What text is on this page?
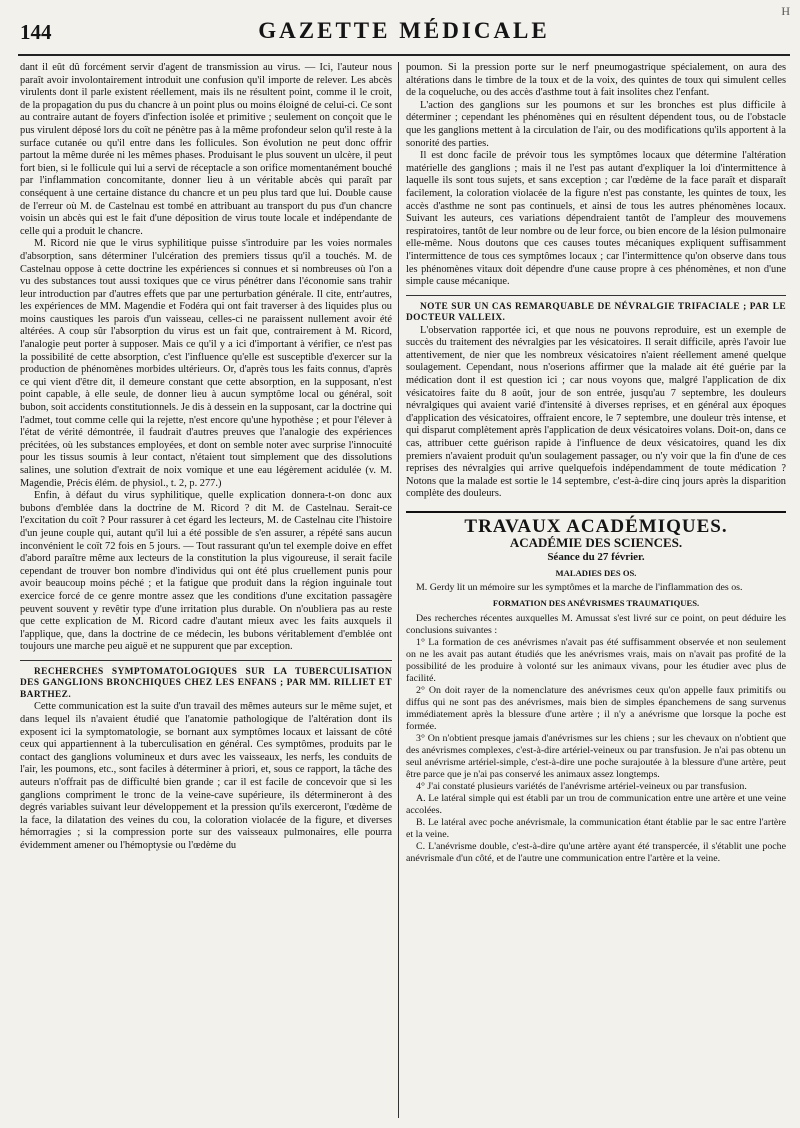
144	GAZETTE MÉDICALE
H

dant il eût dû forcément servir d'agent de transmission au virus. — Ici, l'auteur nous paraît avoir involontairement introduit une confusion qu'il importe de relever. Les abcès virulents dont il parle existent réellement, mais ils ne résultent point, comme il le croit, de la propagation du pus du chancre à un point plus ou moins éloigné de celui-ci. Ce sont au contraire autant de foyers d'infection isolée et primitive ; seulement on conçoit que le pus virulent déposé lors du coït ne pénètre pas à la même profondeur selon qu'il reste à la surface cutanée ou qu'il entre dans les follicules. Son évolution ne peut donc offrir partout la même durée ni les mêmes phases. Produisant le plus souvent un ulcère, il peut fort bien, si le follicule qui lui a servi de réceptacle a son orifice momentanément bouché par l'inflammation concomitante, donner lieu à un véritable abcès qui paraît par conséquent à une certaine distance du chancre et un peu plus tard que lui. Double cause de l'erreur où M. de Castelnau est tombé en attribuant au transport du pus d'un chancre voisin un abcès qui est le fait d'une déposition de virus toute locale et indépendante de celle qui a produit le chancre.

M. Ricord nie que le virus syphilitique puisse s'introduire par les voies normales d'absorption, sans déterminer l'ulcération des premiers tissus qu'il a touchés. M. de Castelnau oppose à cette doctrine les expériences si connues et si nombreuses où l'on a vu des substances tout aussi toxiques que ce virus pénétrer dans l'économie sans trahir leur introduction par d'autres effets que par une perturbation générale. Il cite, entr'autres, les expériences de MM. Magendie et Fodéra qui ont fait traverser à des liquides plus ou moins caustiques les parois d'un vaisseau, celles-ci ne paraissent nullement avoir été altérées. A coup sûr l'absorption du virus est un fait que, contrairement à M. Ricord, l'analogie peut porter à supposer. Mais ce qu'il y a ici d'important à vérifier, ce n'est pas la possibilité de cette absorption, c'est l'influence qu'elle est susceptible d'exercer sur la production de phénomènes morbides ultérieurs. Or, d'après tous les faits connus, d'après ce qui vient d'être dit, il demeure constant que cette absorption, en la supposant, n'est point capable, à elle seule, de donner lieu à aucun symptôme local ou général, soit bubon, soit accidents constitutionnels. Je dis à dessein en la supposant, car la doctrine qui l'admet, tout comme celle qui la rejette, n'est encore qu'une hypothèse ; et pour l'élever à l'état de vérité démontrée, il faudrait d'autres preuves que l'analogie des expériences précitées, où les substances employées, et dont on semble noter avec surprise l'innocuité pour les tissus soumis à leur contact, n'étaient tout simplement que des dissolutions salines, une solution d'extrait de noix vomique et une eau légèrement acidulée (v. M. Magendie, Précis élém. de physiol., t. 2, p. 277.)

Enfin, à défaut du virus syphilitique, quelle explication donnera-t-on donc aux bubons d'emblée dans la doctrine de M. Ricord ? dit M. de Castelnau. Serait-ce l'excitation du coït ? Pour rassurer à cet égard les lecteurs, M. de Castelnau cite l'histoire d'un jeune couple qui, autant qu'il lui a été possible de s'en assurer, a répété sans aucun inconvénient le coït 72 fois en 5 jours. — Tout rassurant qu'un tel exemple doive en effet d'abord paraître même aux lecteurs de la constitution la plus vigoureuse, il serait facile cependant de trouver bon nombre d'individus qui ont été plus cruellement punis pour avoir beaucoup moins péché ; et la fatigue que produit dans la région inguinale tout exercice forcé de ce genre montre assez que les conditions d'une excitation passagère peuvent souvent y revêtir type d'une irritation plus durable. On n'oubliera pas au reste que cette explication de M. Ricord cadre d'autant mieux avec les faits auxquels il l'applique, que, dans la doctrine de ce médecin, les bubons véritablement d'emblée ont toujours une marche peu aiguë et ne suppurent que par exception.

RECHERCHES SYMPTOMATOLOGIQUES SUR LA TUBERCULISATION DES GANGLIONS BRONCHIQUES CHEZ LES ENFANS ; PAR MM. RILLIET ET BARTHEZ.

Cette communication est la suite d'un travail des mêmes auteurs sur le même sujet, et dans lequel ils n'avaient étudié que l'anatomie pathologique de l'altération dont ils exposent ici la symptomatologie, se bornant aux symptômes locaux et laissant de côté ceux qui appartiennent à la tuberculisation en général. Ces symptômes, produits par le contact des ganglions volumineux et durs avec les vaisseaux, les nerfs, les conduits de l'air, les poumons, etc., sont faciles à déterminer à priori, et, sous ce rapport, la tâche des auteurs n'offrait pas de difficulté bien grande ; car il est facile de concevoir que si les ganglions compriment le tronc de la veine-cave supérieure, ils détermineront à des degrés variables suivant leur développement et la pression qu'ils exerceront, l'œdème de la face, la dilatation des veines du cou, la coloration violacée de la figure, et diverses hémorragies ; si la compression porte sur des vaisseaux pulmonaires, elle pourra évidemment amener ou l'hémoptysie ou l'œdème du

poumon. Si la pression porte sur le nerf pneumogastrique spécialement, on aura des altérations dans le timbre de la toux et de la voix, des quintes de toux qui simulent celles de la coqueluche, ou des accès d'asthme tout à fait insolites chez l'enfant.

L'action des ganglions sur les poumons et sur les bronches est plus difficile à déterminer ; cependant les phénomènes qui en résultent dépendent tous, ou de l'obstacle que les ganglions mettent à la circulation de l'air, ou des modifications qu'ils apportent à la sonorité des parties.

Il est donc facile de prévoir tous les symptômes locaux que détermine l'altération matérielle des ganglions ; mais il ne l'est pas autant d'expliquer la loi d'intermittence à laquelle ils sont tous sujets, et sans exception ; car l'œdème de la face paraît et disparaît facilement, la coloration violacée de la figure n'est pas constante, les quintes de toux, les accès d'asthme ne sont pas continuels, et ainsi de tous les autres phénomènes locaux. Suivant les auteurs, ces variations dépendraient tantôt de l'ampleur des mouvemens respiratoires, tantôt de leur nombre ou de leur force, ou bien encore de la lésion pulmonaire elle-même. Nous doutons que ces causes toutes mécaniques expliquent suffisamment l'intermittence de tous ces symptômes locaux ; car l'intermittence qu'on observe dans tous les phénomènes vitaux doit dépendre d'une cause propre à ces phénomènes, et non d'une simple cause mécanique.

NOTE SUR UN CAS REMARQUABLE DE NÉVRALGIE TRIFACIALE ; PAR LE DOCTEUR VALLEIX.

L'observation rapportée ici, et que nous ne pouvons reproduire, est un exemple de succès du traitement des névralgies par les vésicatoires. Il serait difficile, après l'avoir lue attentivement, de nier que les nombreux vésicatoires n'aient réellement amené quelque soulagement. Cependant, nous n'oserions affirmer que la malade ait été guérie par la médication dont il est question ici ; car nous voyons que, malgré l'application de dix vésicatoires faite du 8 août, jour de son entrée, jusqu'au 7 septembre, les douleurs névralgiques qui avaient varié d'intensité à diverses reprises, et en général aux époques d'application des vésicatoires, offraient encore, le 7 septembre, une douleur très intense, et qui disparut complètement après l'application de deux vésicatoires volans. Doit-on, dans ce cas, attribuer cette guérison rapide à l'influence de deux vésicatoires, quand les dix premiers n'avaient produit qu'un soulagement passager, ou n'y voir que la fin d'une de ces reprises des névralgies qui arrive quelquefois indépendamment de toute médication ? Notons que la malade est sortie le 14 septembre, c'est-à-dire cinq jours après la disparition complète des douleurs.

TRAVAUX ACADÉMIQUES.
ACADÉMIE DES SCIENCES.
Séance du 27 février.
MALADIES DES OS.

M. Gerdy lit un mémoire sur les symptômes et la marche de l'inflammation des os.

FORMATION DES ANÉVRISMES TRAUMATIQUES.

Des recherches récentes auxquelles M. Amussat s'est livré sur ce point, on peut déduire les conclusions suivantes :

1° La formation de ces anévrismes n'avait pas été suffisamment observée et non seulement on ne les avait pas autant étudiés que les anévrismes vrais, mais on n'avait pas profité de la possibilité de les produire à volonté sur les animaux vivans, pour les étudier avec plus de facilité.

2° On doit rayer de la nomenclature des anévrismes ceux qu'on appelle faux primitifs ou diffus qui ne sont pas des anévrismes, mais bien de simples épanchemens de sang survenus immédiatement après la blessure d'une artère ; il n'y a anévrisme que lorsque la poche est formée.

3° On n'obtient presque jamais d'anévrismes sur les chiens ; sur les chevaux on n'obtient que des anévrismes complexes, c'est-à-dire artériel-veineux ou par transfusion. Je n'ai pas obtenu un seul anévrisme artériel-simple, c'est-à-dire une poche surajoutée à la blessure d'une artère, peut être parce que je n'ai pas conservé les animaux assez longtemps.

4° J'ai constaté plusieurs variétés de l'anévrisme artériel-veineux ou par transfusion.

A. Le latéral simple qui est établi par un trou de communication entre une artère et une veine accolées.

B. Le latéral avec poche anévrismale, la communication étant établie par le sac entre l'artère et la veine.

C. L'anévrisme double, c'est-à-dire qu'une artère ayant été transpercée, il s'établit une poche anévrismale d'un côté, et de l'autre une communication entre l'artère et la veine.
